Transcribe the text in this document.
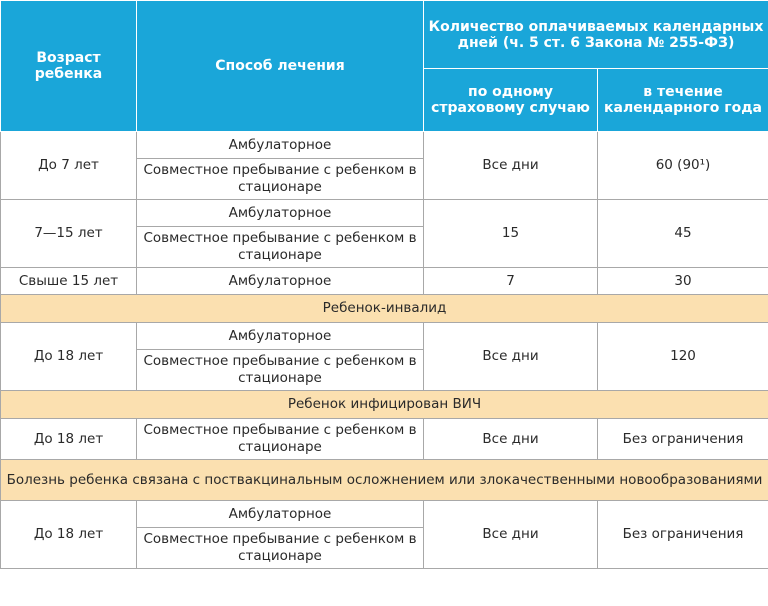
Возраст ребенка	Способ лечения	Количество оплачиваемых календарных дней (ч. 5 ст. 6 Закона № 255-ФЗ)	
		по одному страховому случаю	в течение календарного года
До 7 лет	Амбулаторное	Все дни	60 (90¹)
	Совместное пребывание с ребенком в стационаре		
7—15 лет	Амбулаторное	15	45
	Совместное пребывание с ребенком в стационаре		
Свыше 15 лет	Амбулаторное	7	30
Ребенок-инвалид			
До 18 лет	Амбулаторное	Все дни	120
	Совместное пребывание с ребенком в стационаре		
Ребенок инфицирован ВИЧ			
До 18 лет	Совместное пребывание с ребенком в стационаре	Все дни	Без ограничения
Болезнь ребенка связана с поствакцинальным осложнением или злокачественными новообразованиями			
До 18 лет	Амбулаторное	Все дни	Без ограничения
	Совместное пребывание с ребенком в стационаре		
